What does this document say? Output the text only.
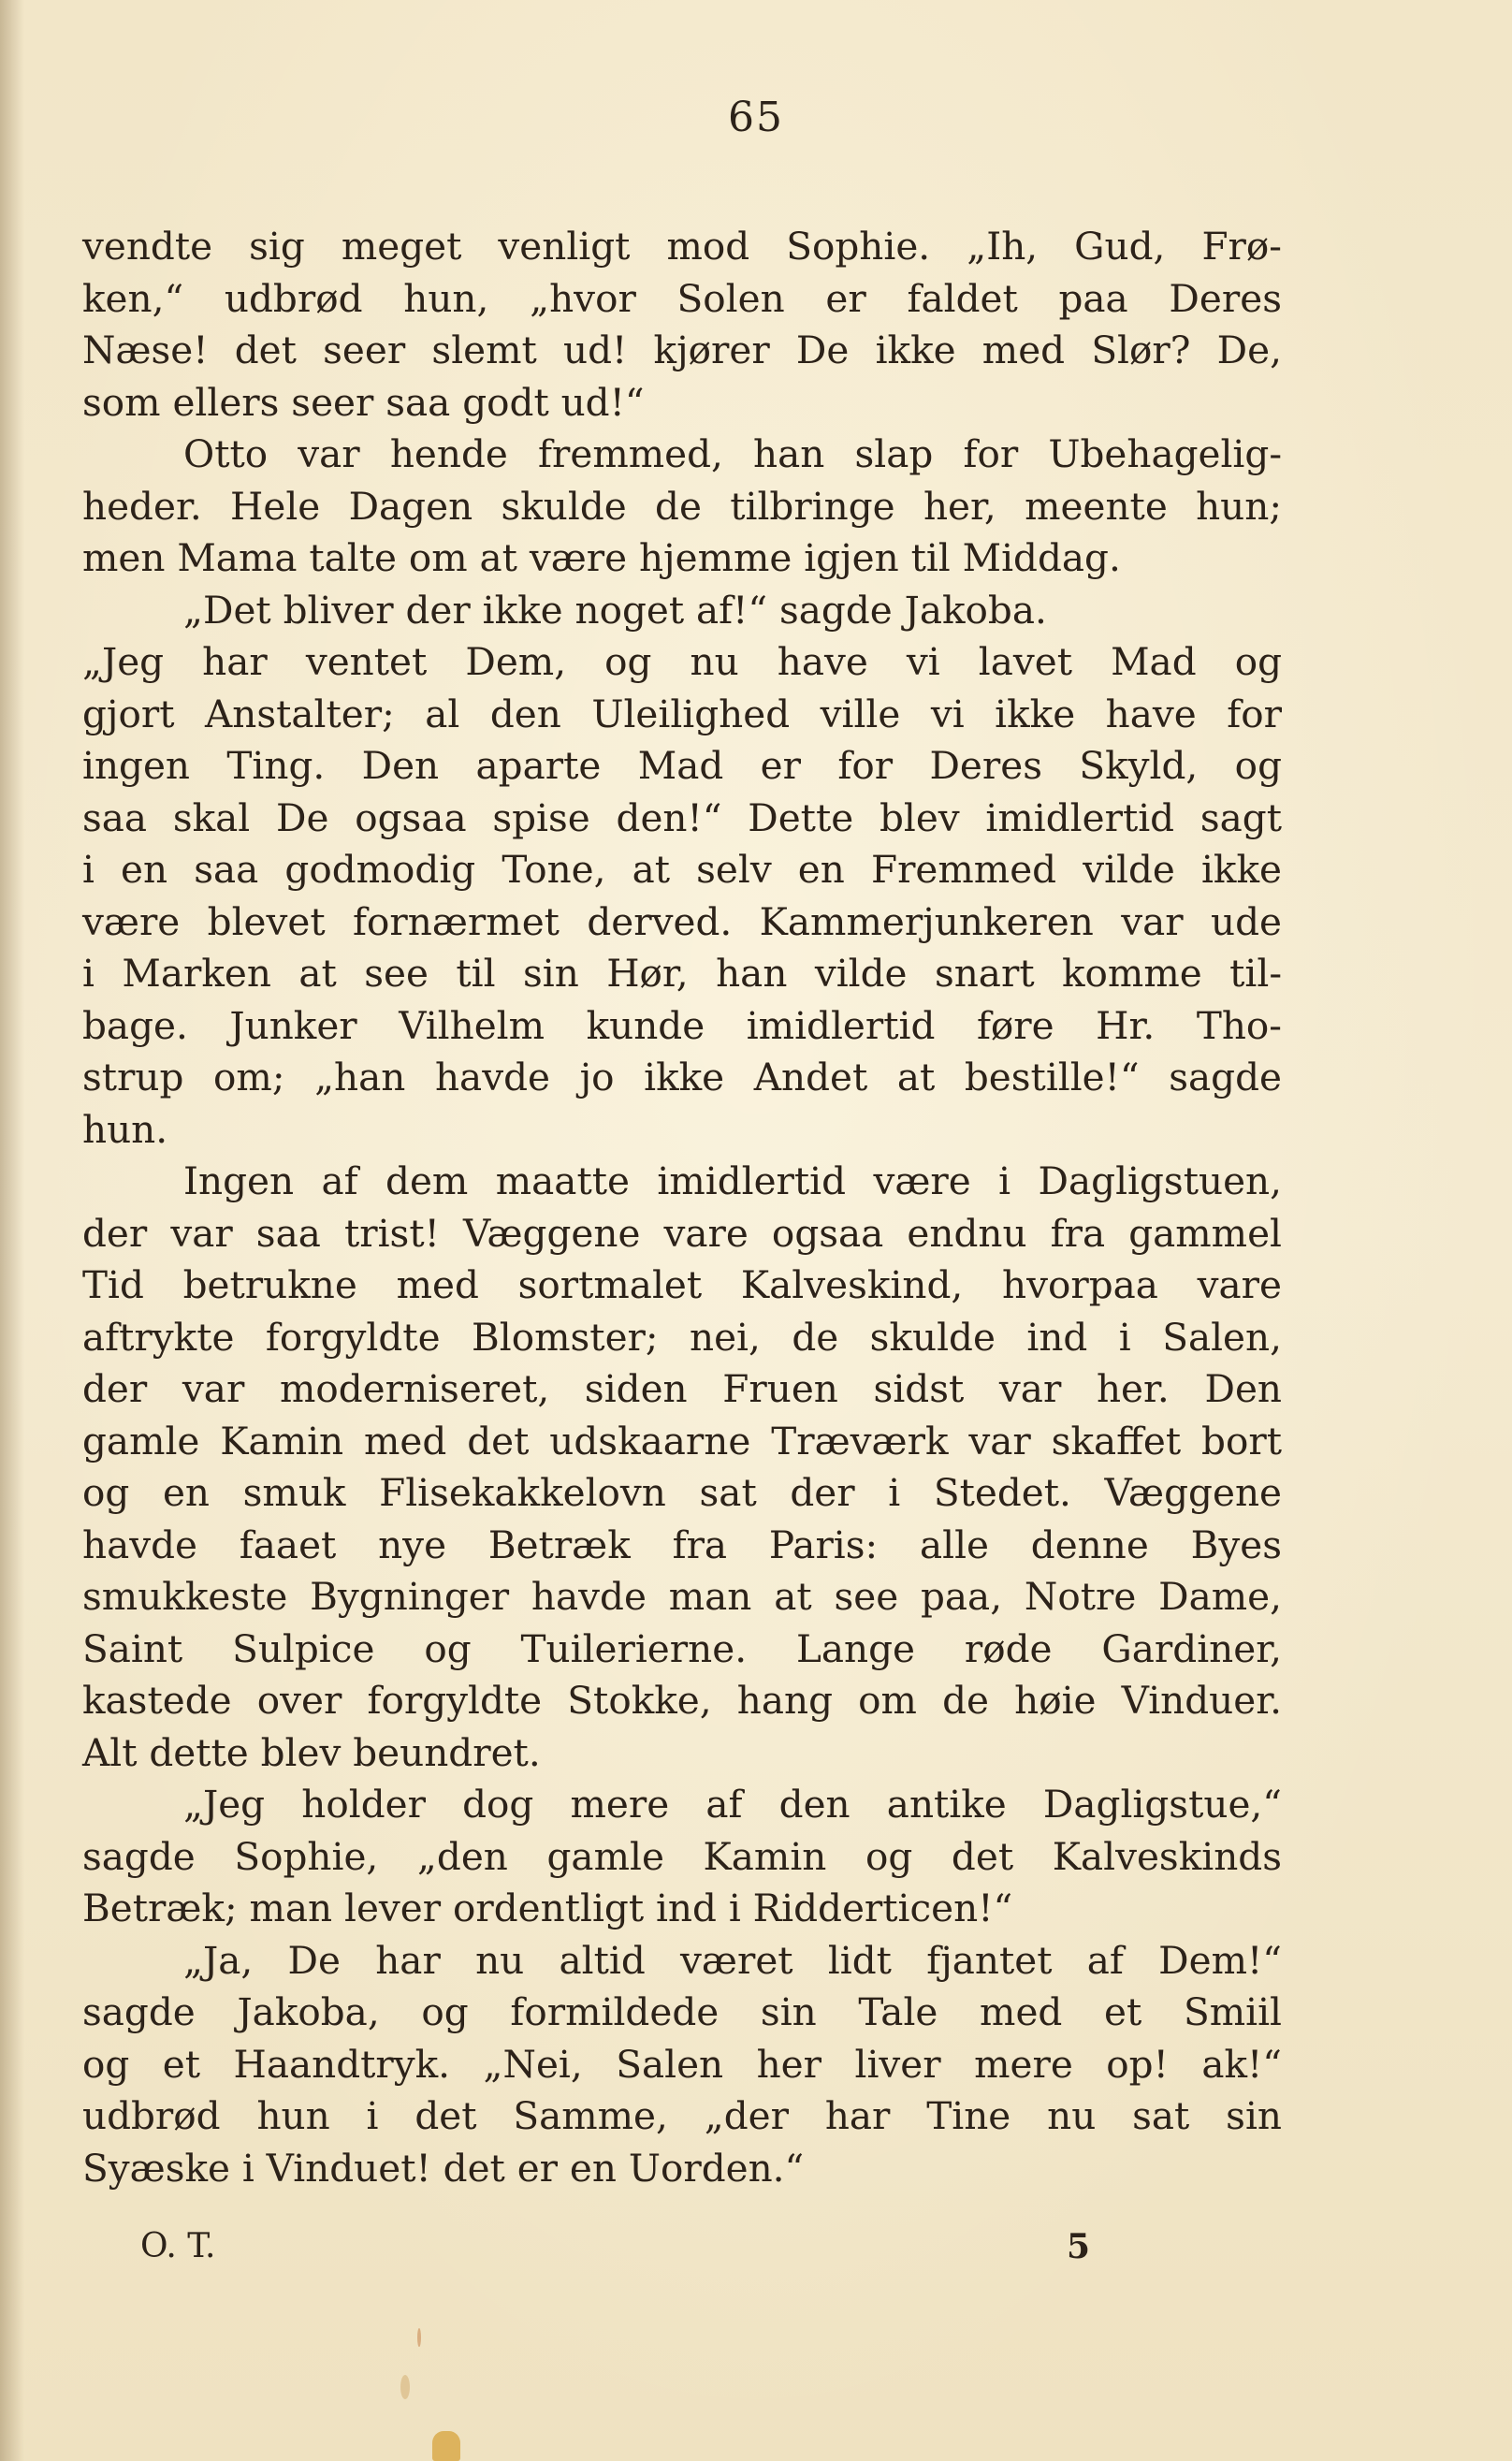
65
vendte sig meget venligt mod Sophie. „Ih, Gud, Frø-
ken,“ udbrød hun, „hvor Solen er faldet paa Deres
Næse! det seer slemt ud! kjører De ikke med Slør? De,
som ellers seer saa godt ud!“
Otto var hende fremmed, han slap for Ubehagelig-
heder. Hele Dagen skulde de tilbringe her, meente hun;
men Mama talte om at være hjemme igjen til Middag.
„Det bliver der ikke noget af!“ sagde Jakoba.
„Jeg har ventet Dem, og nu have vi lavet Mad og
gjort Anstalter; al den Uleilighed ville vi ikke have for
ingen Ting. Den aparte Mad er for Deres Skyld, og
saa skal De ogsaa spise den!“ Dette blev imidlertid sagt
i en saa godmodig Tone, at selv en Fremmed vilde ikke
være blevet fornærmet derved. Kammerjunkeren var ude
i Marken at see til sin Hør, han vilde snart komme til-
bage. Junker Vilhelm kunde imidlertid føre Hr. Tho-
strup om; „han havde jo ikke Andet at bestille!“ sagde
hun.
Ingen af dem maatte imidlertid være i Dagligstuen,
der var saa trist! Væggene vare ogsaa endnu fra gammel
Tid betrukne med sortmalet Kalveskind, hvorpaa vare
aftrykte forgyldte Blomster; nei, de skulde ind i Salen,
der var moderniseret, siden Fruen sidst var her. Den
gamle Kamin med det udskaarne Træværk var skaffet bort
og en smuk Flisekakkelovn sat der i Stedet. Væggene
havde faaet nye Betræk fra Paris: alle denne Byes
smukkeste Bygninger havde man at see paa, Notre Dame,
Saint Sulpice og Tuilerierne. Lange røde Gardiner,
kastede over forgyldte Stokke, hang om de høie Vinduer.
Alt dette blev beundret.
„Jeg holder dog mere af den antike Dagligstue,“
sagde Sophie, „den gamle Kamin og det Kalveskinds
Betræk; man lever ordentligt ind i Ridderticen!“
„Ja, De har nu altid været lidt fjantet af Dem!“
sagde Jakoba, og formildede sin Tale med et Smiil
og et Haandtryk. „Nei, Salen her liver mere op! ak!“
udbrød hun i det Samme, „der har Tine nu sat sin
Syæske i Vinduet! det er en Uorden.“
O. T.	5
